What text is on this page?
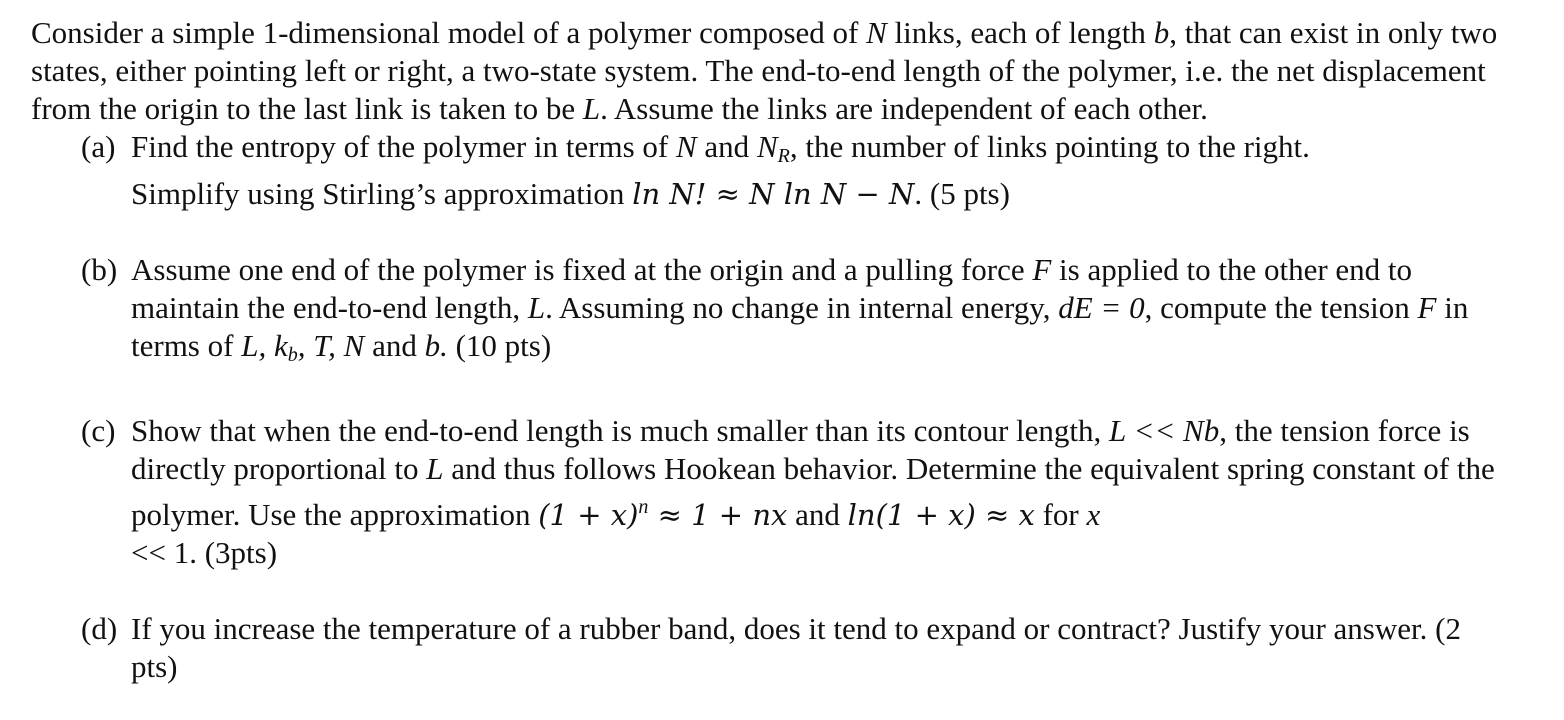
Consider a simple 1-dimensional model of a polymer composed of N links, each of length b, that can exist in only two states, either pointing left or right, a two-state system. The end-to-end length of the polymer, i.e. the net displacement from the origin to the last link is taken to be L. Assume the links are independent of each other.

(a) Find the entropy of the polymer in terms of N and $N_R$, the number of links pointing to the right.
Simplify using Stirling’s approximation ln N! ≈ N ln N − N. (5 pts)

(b) Assume one end of the polymer is fixed at the origin and a pulling force F is applied to the other end to maintain the end-to-end length, L. Assuming no change in internal energy, dE = 0, compute the tension F in terms of L, $k_b$, T, N and b. (10 pts)

(c) Show that when the end-to-end length is much smaller than its contour length, L << Nb, the tension force is directly proportional to L and thus follows Hookean behavior. Determine the equivalent spring constant of the polymer. Use the approximation $(1 + x)^n \approx 1$ + nx and ln(1 + x) ≈ x for x
<< 1. (3pts)

(d) If you increase the temperature of a rubber band, does it tend to expand or contract? Justify your answer. (2 pts)
